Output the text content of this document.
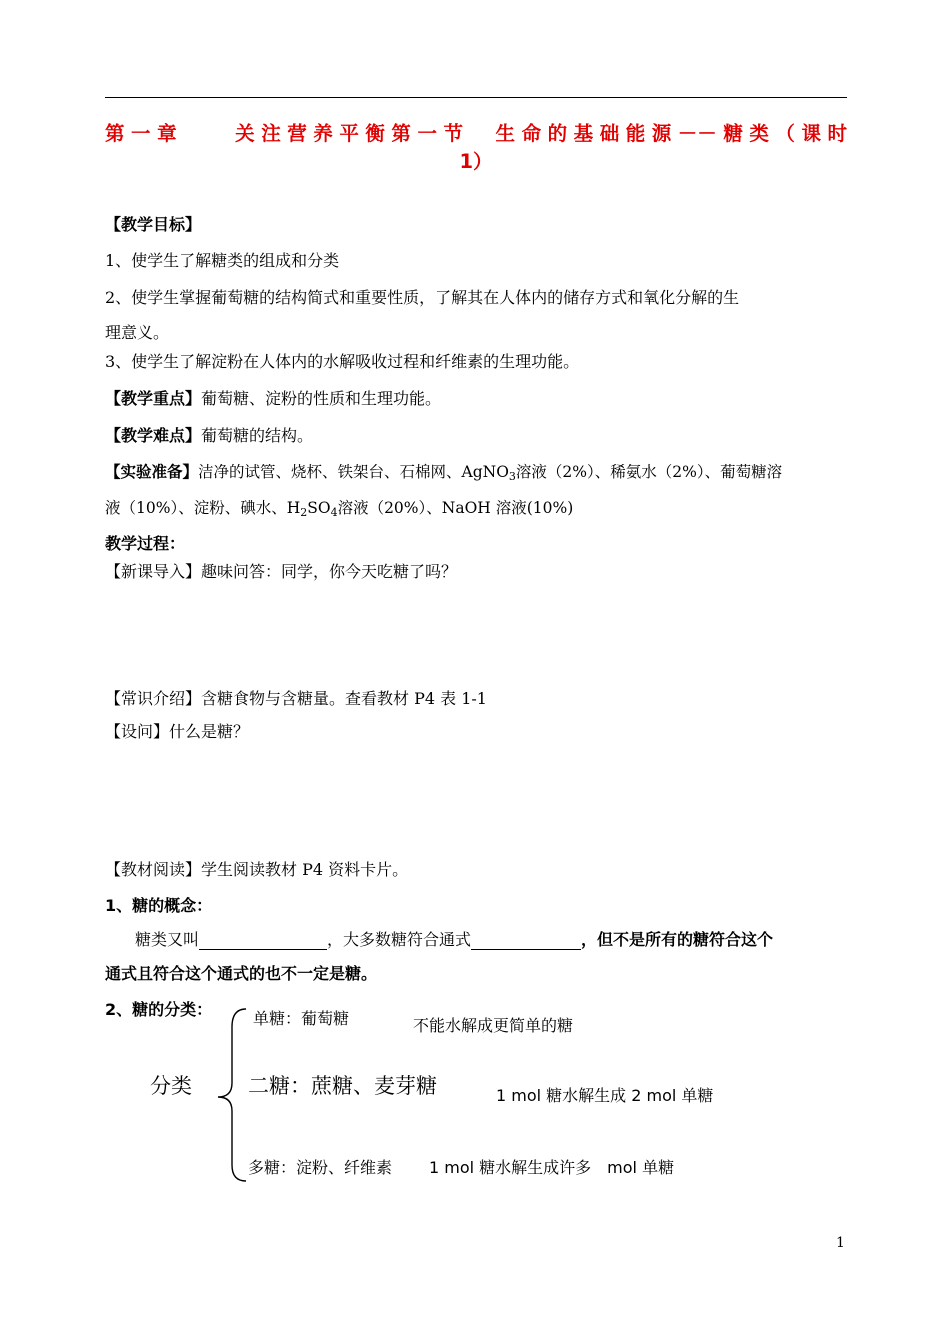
第一章　　关注营养平衡第一节　生命的基础能源－－糖类（课时
1）
【教学目标】
1、使学生了解糖类的组成和分类
2、使学生掌握葡萄糖的结构简式和重要性质，了解其在人体内的储存方式和氧化分解的生
理意义。
3、使学生了解淀粉在人体内的水解吸收过程和纤维素的生理功能。
【教学重点】葡萄糖、淀粉的性质和生理功能。
【教学难点】葡萄糖的结构。
【实验准备】洁净的试管、烧杯、铁架台、石棉网、AgNO$_3$溶液（2%）、稀氨水（2%）、葡萄糖溶
液（10%）、淀粉、碘水、$H_2SO_4$溶液（20%）、NaOH 溶液(10%)
教学过程：
【新课导入】趣味问答：同学，你今天吃糖了吗？
【常识介绍】含糖食物与含糖量。查看教材 P4 表 1-1
【设问】什么是糖？
【教材阅读】学生阅读教材 P4 资料卡片。
1、糖的概念：
糖类又叫	，大多数糖符合通式	，但不是所有的糖符合这个
通式且符合这个通式的也不一定是糖。
2、糖的分类：
分类
单糖：葡萄糖	不能水解成更简单的糖
二糖：蔗糖、麦芽糖	1 mol 糖水解生成 2 mol 单糖
多糖：淀粉、纤维素 1 mol 糖水解生成许多　mol 单糖
1
